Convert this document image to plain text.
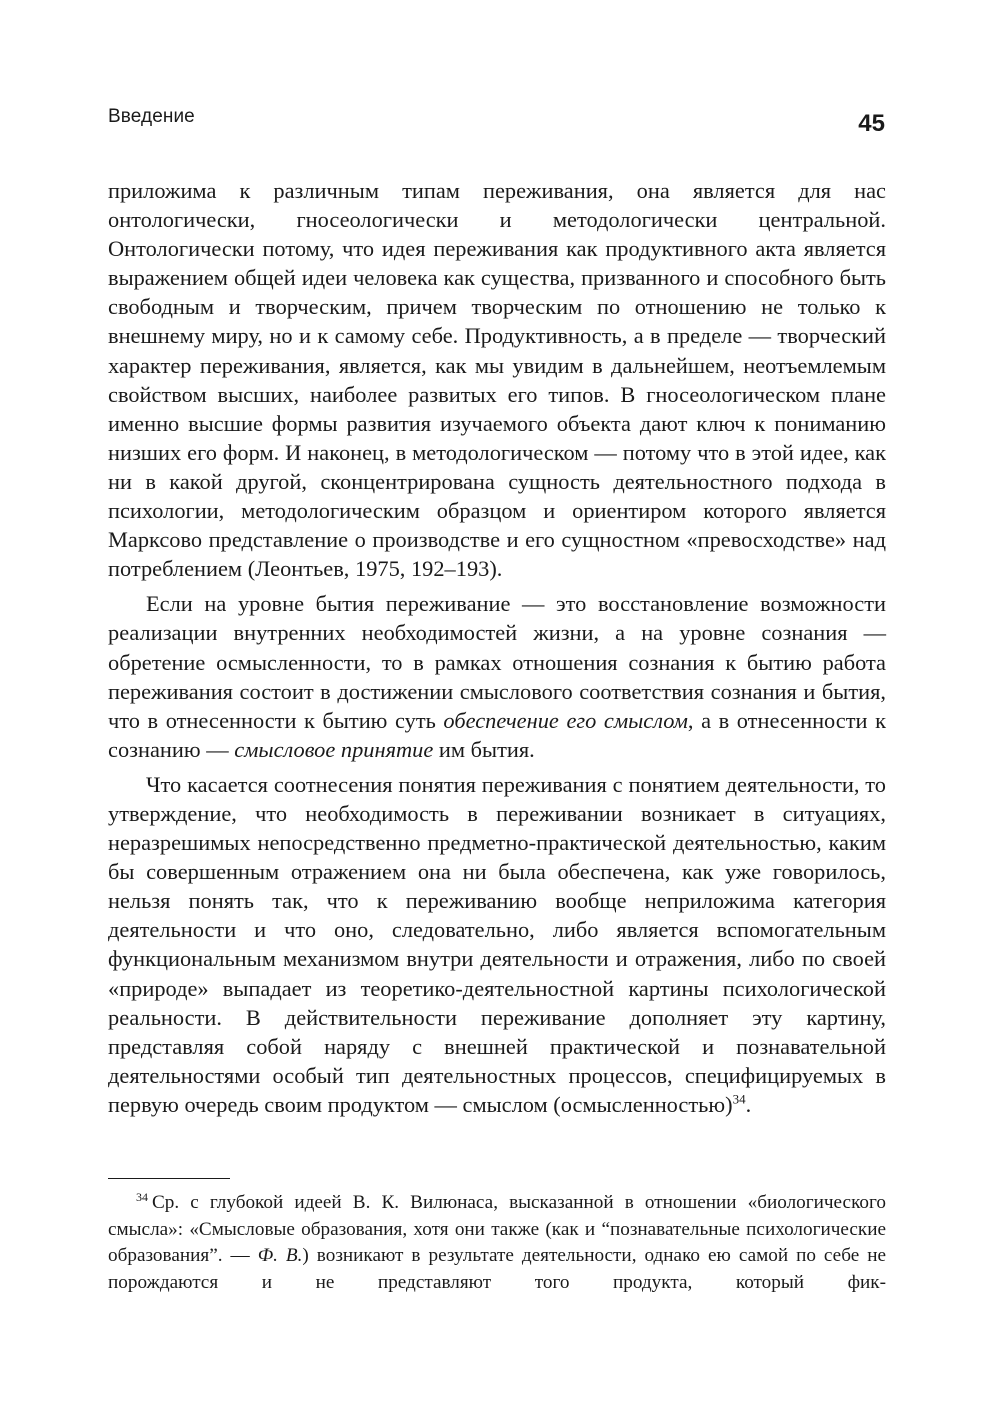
Введение	45

приложима к различным типам переживания, она является для нас онтологически, гносеологически и методологически центральной. Онтологически потому, что идея переживания как продуктивного акта является выражением общей идеи человека как существа, призванного и способного быть свободным и творческим, причем творческим по отношению не только к внешнему миру, но и к самому себе. Продуктивность, а в пределе — творческий характер переживания, является, как мы увидим в дальнейшем, неотъемлемым свойством высших, наиболее развитых его типов. В гносеологическом плане именно высшие формы развития изучаемого объекта дают ключ к пониманию низших его форм. И наконец, в методологическом — потому что в этой идее, как ни в какой другой, сконцентрирована сущность деятельностного подхода в психологии, методологическим образцом и ориентиром которого является Марксово представление о производстве и его сущностном «превосходстве» над потреблением (Леонтьев, 1975, 192–193).

Если на уровне бытия переживание — это восстановление возможности реализации внутренних необходимостей жизни, а на уровне сознания — обретение осмысленности, то в рамках отношения сознания к бытию работа переживания состоит в достижении смыслового соответствия сознания и бытия, что в отнесенности к бытию суть обеспечение его смыслом, а в отнесенности к сознанию — смысловое принятие им бытия.

Что касается соотнесения понятия переживания с понятием деятельности, то утверждение, что необходимость в переживании возникает в ситуациях, неразрешимых непосредственно предметно-практической деятельностью, каким бы совершенным отражением она ни была обеспечена, как уже говорилось, нельзя понять так, что к переживанию вообще неприложима категория деятельности и что оно, следовательно, либо является вспомогательным функциональным механизмом внутри деятельности и отражения, либо по своей «природе» выпадает из теоретико-деятельностной картины психологической реальности. В действительности переживание дополняет эту картину, представляя собой наряду с внешней практической и познавательной деятельностями особый тип деятельностных процессов, специфицируемых в первую очередь своим продуктом — смыслом (осмысленностью)$^{34}$.

$^{34}$ Ср. с глубокой идеей В. К. Вилюнаса, высказанной в отношении «биологического смысла»: «Смысловые образования, хотя они также (как и “познавательные психологические образования”. — Ф. В.) возникают в результате деятельности, однако ею самой по себе не порождаются и не представляют того продукта, который фик-
